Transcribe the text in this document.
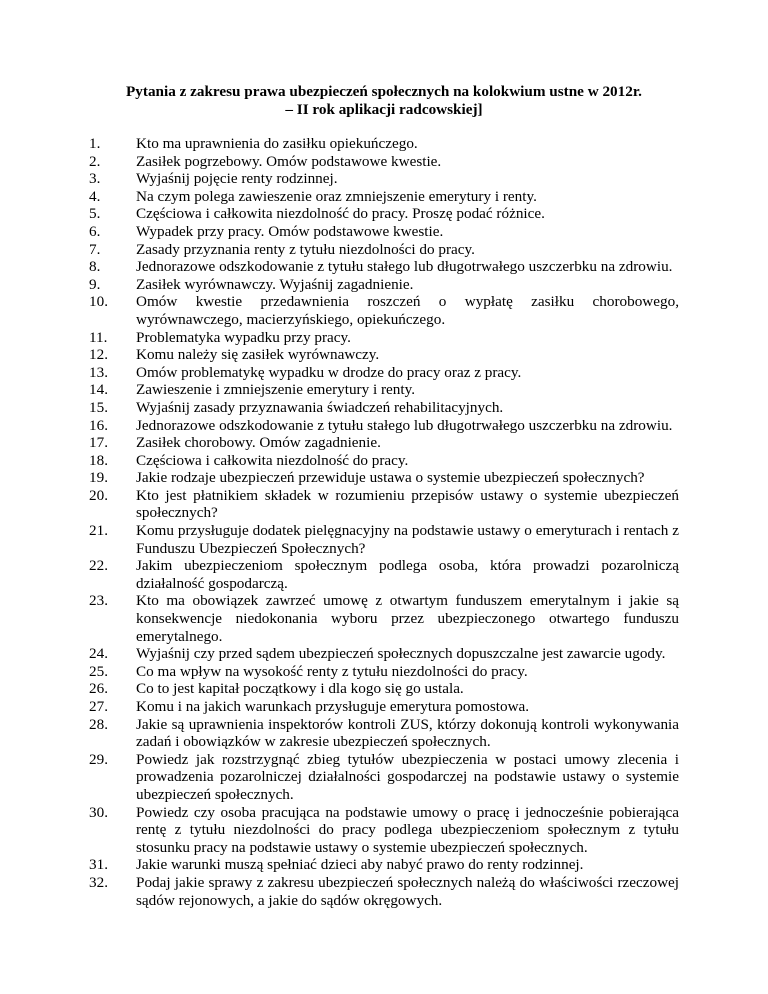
Pytania z zakresu prawa ubezpieczeń społecznych na kolokwium ustne w 2012r.
– II rok aplikacji radcowskiej]
1.	Kto ma uprawnienia do zasiłku opiekuńczego.
2.	Zasiłek pogrzebowy. Omów podstawowe kwestie.
3.	Wyjaśnij pojęcie renty rodzinnej.
4.	Na czym polega zawieszenie oraz zmniejszenie emerytury i renty.
5.	Częściowa i całkowita niezdolność do pracy. Proszę podać różnice.
6.	Wypadek przy pracy. Omów podstawowe kwestie.
7.	Zasady przyznania renty z tytułu niezdolności do pracy.
8.	Jednorazowe odszkodowanie z tytułu stałego lub długotrwałego uszczerbku na zdrowiu.
9.	Zasiłek wyrównawczy. Wyjaśnij zagadnienie.
10.	Omów kwestie przedawnienia roszczeń o wypłatę zasiłku chorobowego, wyrównawczego, macierzyńskiego, opiekuńczego.
11.	Problematyka wypadku przy pracy.
12.	Komu należy się zasiłek wyrównawczy.
13.	Omów problematykę wypadku w drodze do pracy oraz z pracy.
14.	Zawieszenie i zmniejszenie emerytury i renty.
15.	Wyjaśnij zasady przyznawania świadczeń rehabilitacyjnych.
16.	Jednorazowe odszkodowanie z tytułu stałego lub długotrwałego uszczerbku na zdrowiu.
17.	Zasiłek chorobowy. Omów zagadnienie.
18.	Częściowa i całkowita niezdolność do pracy.
19.	Jakie rodzaje ubezpieczeń przewiduje ustawa o systemie ubezpieczeń społecznych?
20.	Kto jest płatnikiem składek w rozumieniu przepisów ustawy o systemie ubezpieczeń społecznych?
21.	Komu przysługuje dodatek pielęgnacyjny na podstawie ustawy o emeryturach i rentach z Funduszu Ubezpieczeń Społecznych?
22.	Jakim ubezpieczeniom społecznym podlega osoba, która prowadzi pozarolniczą działalność gospodarczą.
23.	Kto ma obowiązek zawrzeć umowę z otwartym funduszem emerytalnym i jakie są konsekwencje niedokonania wyboru przez ubezpieczonego otwartego funduszu emerytalnego.
24.	Wyjaśnij czy przed sądem ubezpieczeń społecznych dopuszczalne jest zawarcie ugody.
25.	Co ma wpływ na wysokość renty z tytułu niezdolności do pracy.
26.	Co to jest kapitał początkowy i dla kogo się go ustala.
27.	Komu i na jakich warunkach przysługuje emerytura pomostowa.
28.	Jakie są uprawnienia inspektorów kontroli ZUS, którzy dokonują kontroli wykonywania zadań i obowiązków w zakresie ubezpieczeń społecznych.
29.	Powiedz jak rozstrzygnąć zbieg tytułów ubezpieczenia w postaci umowy zlecenia i prowadzenia pozarolniczej działalności gospodarczej na podstawie ustawy o systemie ubezpieczeń społecznych.
30.	Powiedz czy osoba pracująca na podstawie umowy o pracę i jednocześnie pobierająca rentę z tytułu niezdolności do pracy podlega ubezpieczeniom społecznym z tytułu stosunku pracy na podstawie ustawy o systemie ubezpieczeń społecznych.
31.	Jakie warunki muszą spełniać dzieci aby nabyć prawo do renty rodzinnej.
32.	Podaj jakie sprawy z zakresu ubezpieczeń społecznych należą do właściwości rzeczowej sądów rejonowych, a jakie do sądów okręgowych.
